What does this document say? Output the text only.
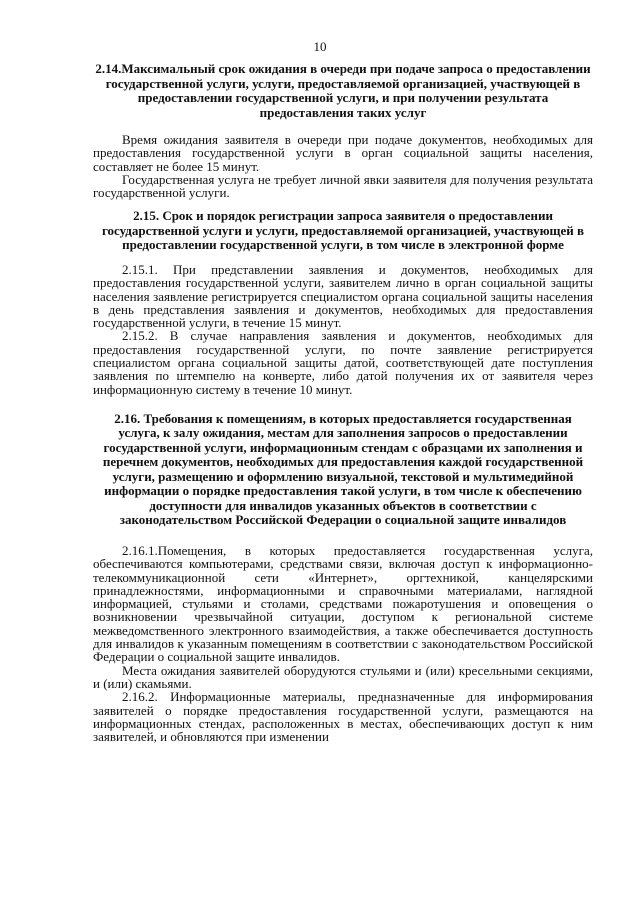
10
2.14.Максимальный срок ожидания в очереди при подаче запроса о предоставлении государственной услуги, услуги, предоставляемой организацией, участвующей в предоставлении государственной услуги, и при получении результата предоставления таких услуг

Время ожидания заявителя в очереди при подаче документов, необходимых для предоставления государственной услуги в орган социальной защиты населения, составляет не более 15 минут.

Государственная услуга не требует личной явки заявителя для получения результата государственной услуги.

2.15. Срок и порядок регистрации запроса заявителя о предоставлении государственной услуги и услуги, предоставляемой организацией, участвующей в предоставлении государственной услуги, в том числе в электронной форме

2.15.1. При представлении заявления и документов, необходимых для предоставления государственной услуги, заявителем лично в орган социальной защиты населения заявление регистрируется специалистом органа социальной защиты населения в день представления заявления и документов, необходимых для предоставления государственной услуги, в течение 15 минут.

2.15.2. В случае направления заявления и документов, необходимых для предоставления государственной услуги, по почте заявление регистрируется специалистом органа социальной защиты датой, соответствующей дате поступления заявления по штемпелю на конверте, либо датой получения их от заявителя через информационную систему в течение 10 минут.

2.16. Требования к помещениям, в которых предоставляется государственная услуга, к залу ожидания, местам для заполнения запросов о предоставлении государственной услуги, информационным стендам с образцами их заполнения и перечнем документов, необходимых для предоставления каждой государственной услуги, размещению и оформлению визуальной, текстовой и мультимедийной информации о порядке предоставления такой услуги, в том числе к обеспечению доступности для инвалидов указанных объектов в соответствии с законодательством Российской Федерации о социальной защите инвалидов

2.16.1.Помещения, в которых предоставляется государственная услуга, обеспечиваются компьютерами, средствами связи, включая доступ к информационно-телекоммуникационной сети «Интернет», оргтехникой, канцелярскими принадлежностями, информационными и справочными материалами, наглядной информацией, стульями и столами, средствами пожаротушения и оповещения о возникновении чрезвычайной ситуации, доступом к региональной системе межведомственного электронного взаимодействия, а также обеспечивается доступность для инвалидов к указанным помещениям в соответствии с законодательством Российской Федерации о социальной защите инвалидов.

Места ожидания заявителей оборудуются стульями и (или) кресельными секциями, и (или) скамьями.

2.16.2. Информационные материалы, предназначенные для информирования заявителей о порядке предоставления государственной услуги, размещаются на информационных стендах, расположенных в местах, обеспечивающих доступ к ним заявителей, и обновляются при изменении
